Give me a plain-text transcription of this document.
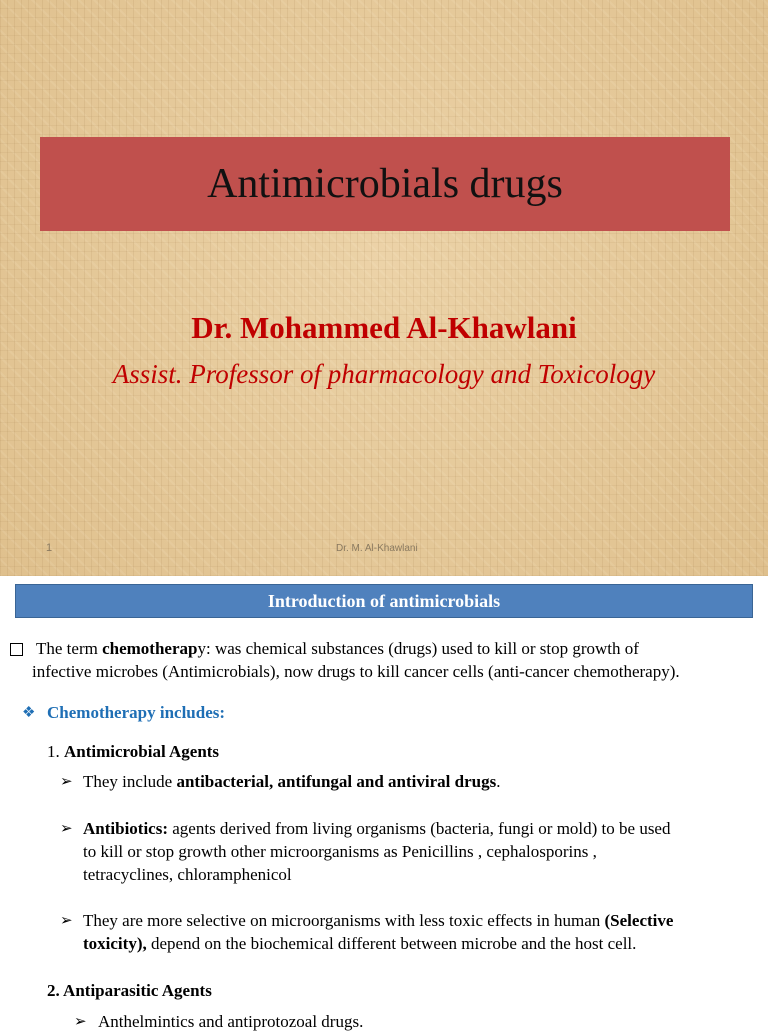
Antimicrobials drugs
Dr. Mohammed Al-Khawlani
Assist. Professor of pharmacology and Toxicology
1	Dr. M. Al-Khawlani
Introduction of antimicrobials
The term chemotherapy: was chemical substances (drugs) used to kill or stop growth of
infective microbes (Antimicrobials), now drugs to kill cancer cells (anti-cancer chemotherapy).
❖ Chemotherapy includes:
1. Antimicrobial Agents
➢ They include antibacterial, antifungal and antiviral drugs.
➢ Antibiotics: agents derived from living organisms (bacteria, fungi or mold) to be used
to kill or stop growth other microorganisms as Penicillins , cephalosporins ,
tetracyclines, chloramphenicol
➢ They are more selective on microorganisms with less toxic effects in human (Selective
toxicity), depend on the biochemical different between microbe and the host cell.
2. Antiparasitic Agents
➢ Anthelmintics and antiprotozoal drugs.
